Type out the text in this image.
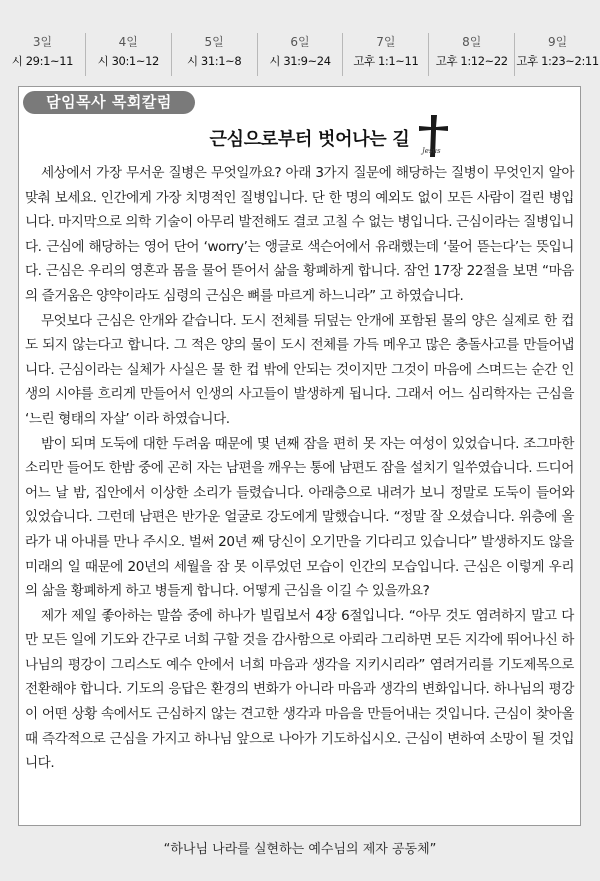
3일
시 29:1~11
4일
시 30:1~12
5일
시 31:1~8
6일
시 31:9~24
7일
고후 1:1~11
8일
고후 1:12~22
9일
고후 1:23~2:11
담임목사 목회칼럼
근심으로부터 벗어나는 길
Jesus

세상에서 가장 무서운 질병은 무엇일까요? 아래 3가지 질문에 해당하는 질병이 무엇인지 알아 맞춰 보세요. 인간에게 가장 치명적인 질병입니다. 단 한 명의 예외도 없이 모든 사람이 걸린 병입니다. 마지막으로 의학 기술이 아무리 발전해도 결코 고칠 수 없는 병입니다. 근심이라는 질병입니다. 근심에 해당하는 영어 단어 ‘worry’는 앵글로 색슨어에서 유래했는데 ‘물어 뜯는다’는 뜻입니다. 근심은 우리의 영혼과 몸을 물어 뜯어서 삶을 황폐하게 합니다. 잠언 17장 22절을 보면 “마음의 즐거움은 양약이라도 심령의 근심은 뼈를 마르게 하느니라” 고 하였습니다.

무엇보다 근심은 안개와 같습니다. 도시 전체를 뒤덮는 안개에 포함된 물의 양은 실제로 한 컵도 되지 않는다고 합니다. 그 적은 양의 물이 도시 전체를 가득 메우고 많은 충돌사고를 만들어냅니다. 근심이라는 실체가 사실은 물 한 컵 밖에 안되는 것이지만 그것이 마음에 스며드는 순간 인생의 시야를 흐리게 만들어서 인생의 사고들이 발생하게 됩니다. 그래서 어느 심리학자는 근심을 ‘느린 형태의 자살’ 이라 하였습니다.

밤이 되며 도둑에 대한 두려움 때문에 몇 년째 잠을 편히 못 자는 여성이 있었습니다. 조그마한 소리만 들어도 한밤 중에 곤히 자는 남편을 깨우는 통에 남편도 잠을 설치기 일쑤였습니다. 드디어 어느 날 밤, 집안에서 이상한 소리가 들렸습니다. 아래층으로 내려가 보니 정말로 도둑이 들어와 있었습니다. 그런데 남편은 반가운 얼굴로 강도에게 말했습니다. “정말 잘 오셨습니다. 위층에 올라가 내 아내를 만나 주시오. 벌써 20년 째 당신이 오기만을 기다리고 있습니다” 발생하지도 않을 미래의 일 때문에 20년의 세월을 잠 못 이루었던 모습이 인간의 모습입니다. 근심은 이렇게 우리의 삶을 황폐하게 하고 병들게 합니다. 어떻게 근심을 이길 수 있을까요?

제가 제일 좋아하는 말씀 중에 하나가 빌립보서 4장 6절입니다. “아무 것도 염려하지 말고 다만 모든 일에 기도와 간구로 너희 구할 것을 감사함으로 아뢰라 그리하면 모든 지각에 뛰어나신 하나님의 평강이 그리스도 예수 안에서 너희 마음과 생각을 지키시리라” 염려거리를 기도제목으로 전환해야 합니다. 기도의 응답은 환경의 변화가 아니라 마음과 생각의 변화입니다. 하나님의 평강이 어떤 상황 속에서도 근심하지 않는 견고한 생각과 마음을 만들어내는 것입니다. 근심이 찾아올 때 즉각적으로 근심을 가지고 하나님 앞으로 나아가 기도하십시오. 근심이 변하여 소망이 될 것입니다.

“하나님 나라를 실현하는 예수님의 제자 공동체”
